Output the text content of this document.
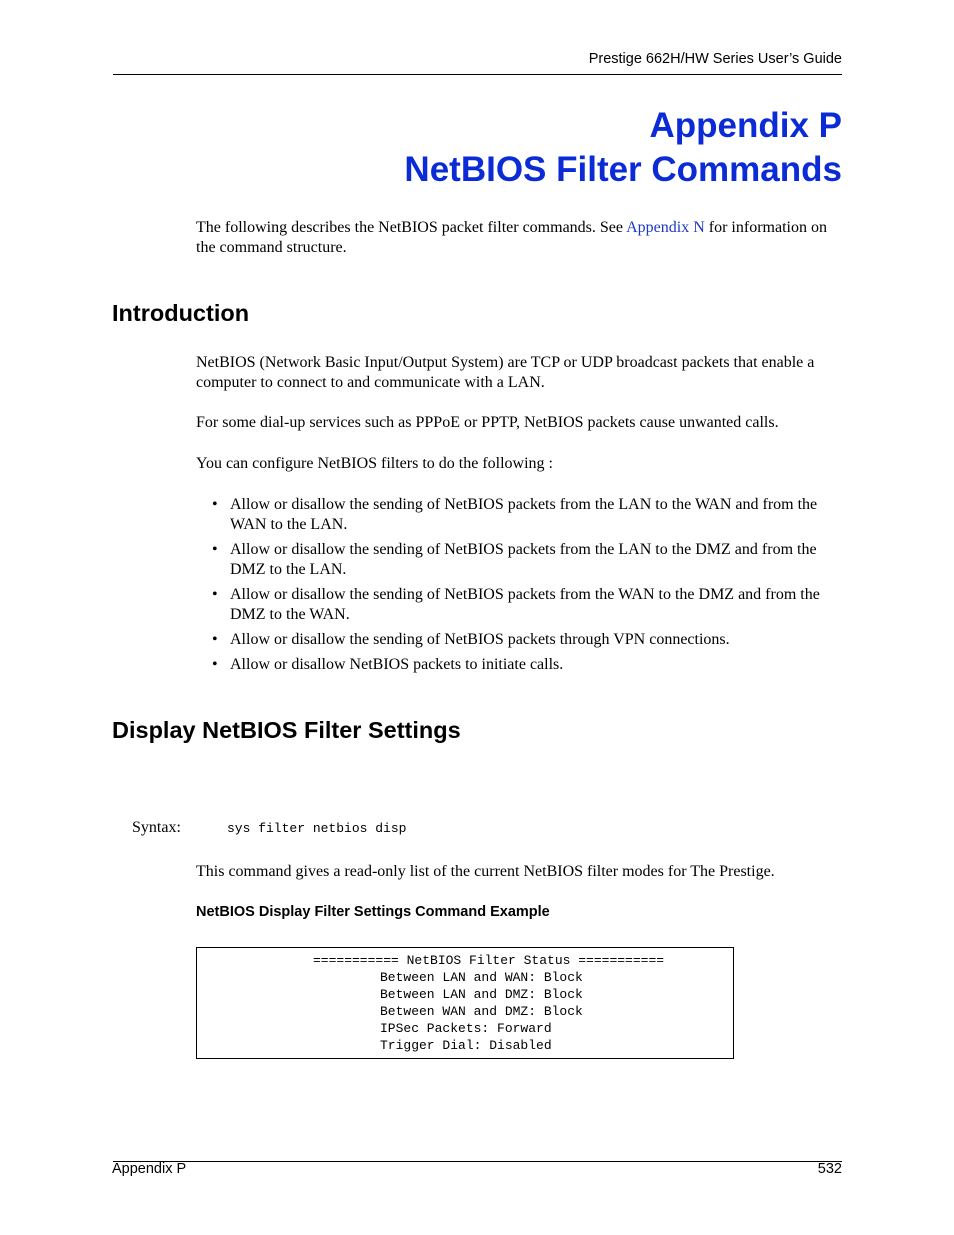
Prestige 662H/HW Series User’s Guide
Appendix P
NetBIOS Filter Commands
The following describes the NetBIOS packet filter commands. See Appendix N for information on the command structure.
Introduction
NetBIOS (Network Basic Input/Output System) are TCP or UDP broadcast packets that enable a computer to connect to and communicate with a LAN.
For some dial-up services such as PPPoE or PPTP, NetBIOS packets cause unwanted calls.
You can configure NetBIOS filters to do the following :
• Allow or disallow the sending of NetBIOS packets from the LAN to the WAN and from the WAN to the LAN.
• Allow or disallow the sending of NetBIOS packets from the LAN to the DMZ and from the DMZ to the LAN.
• Allow or disallow the sending of NetBIOS packets from the WAN to the DMZ and from the DMZ to the WAN.
• Allow or disallow the sending of NetBIOS packets through VPN connections.
• Allow or disallow NetBIOS packets to initiate calls.
Display NetBIOS Filter Settings
Syntax:	sys filter netbios disp
This command gives a read-only list of the current NetBIOS filter modes for The Prestige.
NetBIOS Display Filter Settings Command Example
=========== NetBIOS Filter Status ===========
Between LAN and WAN: Block
Between LAN and DMZ: Block
Between WAN and DMZ: Block
IPSec Packets: Forward
Trigger Dial: Disabled
Appendix P	532
